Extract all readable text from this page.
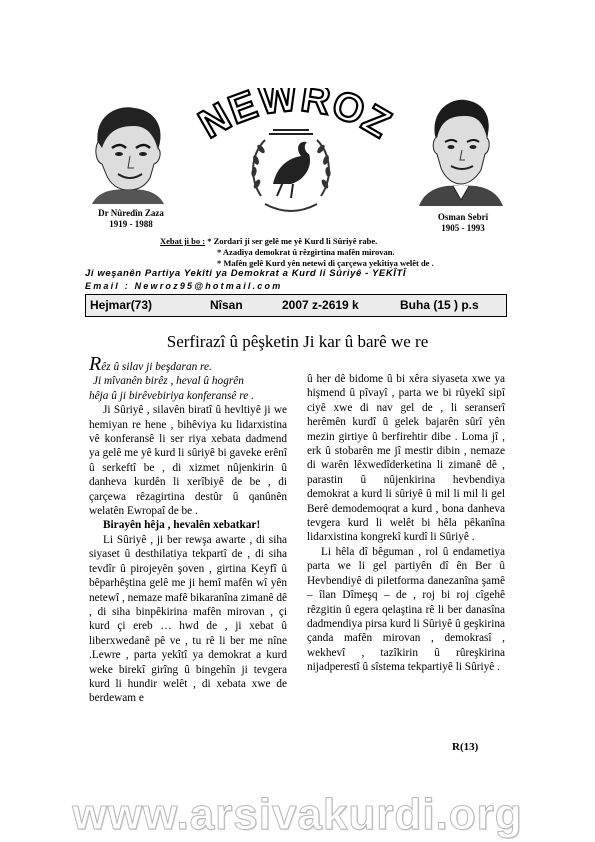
Dr Nûredîn Zaza
1919 - 1988
NEWROZ
Osman Sebrî
1905 - 1993
Xebat ji bo : * Zordarî ji ser gelê me yê Kurd li Sûriyê rabe.
* Azadiya demokrat û rêzgirtina mafên mirovan.
* Mafên gelê Kurd yên netewî di çarçewa yekîtiya welêt de .
Ji weşanên Partiya Yekîti ya Demokrat a Kurd li Sûriyê - YEKÎTÎ
Email : Newroz95@hotmail.com
Hejmar(73)	Nîsan	2007 z-2619 k	Buha (15 ) p.s
Serfirazî û pêşketin Ji kar û barê we re

Rêz û silav ji beşdaran re.

Ji mîvanên birêz , heval û hogrên

hêja û ji birêvebiriya konferansê re .

Ji Sûriyê , silavên biratî û hevltiyê ji we hemiyan re hene , bihêviya ku lidarxistina vê konferansê li ser riya xebata dadmend ya gelê me yê kurd li sûriyê bi gaveke erênî û serkeftî be , di xizmet nûjenkirin û danheva kurdên li xerîbiyê de be , di çarçewa rêzagirtina destûr û qanûnên welatên Ewropaî de be .

Birayên hêja , hevalên xebatkar!

Li Sûriyê , ji ber rewşa awarte , di siha siyaset û desthilatiya tekpartî de , di siha tevdîr û pirojeyên şoven , girtina Keyfî û bêparhêştina gelê me ji hemî mafên wî yên netewî , nemaze mafê bikaranîna zimanê dê , di siha binpêkirina mafên mirovan , çi kurd çi ereb … hwd de , ji xebat û liberxwedanê pê ve , tu rê li ber me nîne .Lewre , parta yekîtî ya demokrat a kurd weke birekî girîng û bingehîn ji tevgera kurd li hundir welêt , di xebata xwe de berdewam e

û her dê bidome û bi xêra siyaseta xwe ya hişmend û pîvayî , parta we bi rûyekî sipî ciyê xwe di nav gel de , li seranserî herêmên kurdî û gelek bajarên sûrî yên mezin girtiye û berfirehtir dibe . Loma jî , erk û stobarên me jî mestir dibin , nemaze di warên lêxwedîderketina li zimanê dê , parastin û nûjenkirina hevbendiya demokrat a kurd li sûriyê û mil li mil li gel Berê demodemoqrat a kurd , bona danheva tevgera kurd li welêt bi hêla pêkanîna lidarxistina kongrekî kurdî li Sûriyê .

Li hêla dî bêguman , rol û endametiya parta we li gel partiyên dî ên Ber û Hevbendiyê di piletforma danezanîna şamê – îlan Dîmeşq – de , roj bi roj cîgehê rêzgitin û egera qelaştina rê li ber danasîna dadmendiya pirsa kurd li Sûriyê û geşkirina çanda mafên mirovan , demokrasî , wekhevî , tazîkirin û rûreşkirina nijadperestî û sîstema tekpartiyê li Sûriyê .

R(13)
www.arsivakurdi.org
